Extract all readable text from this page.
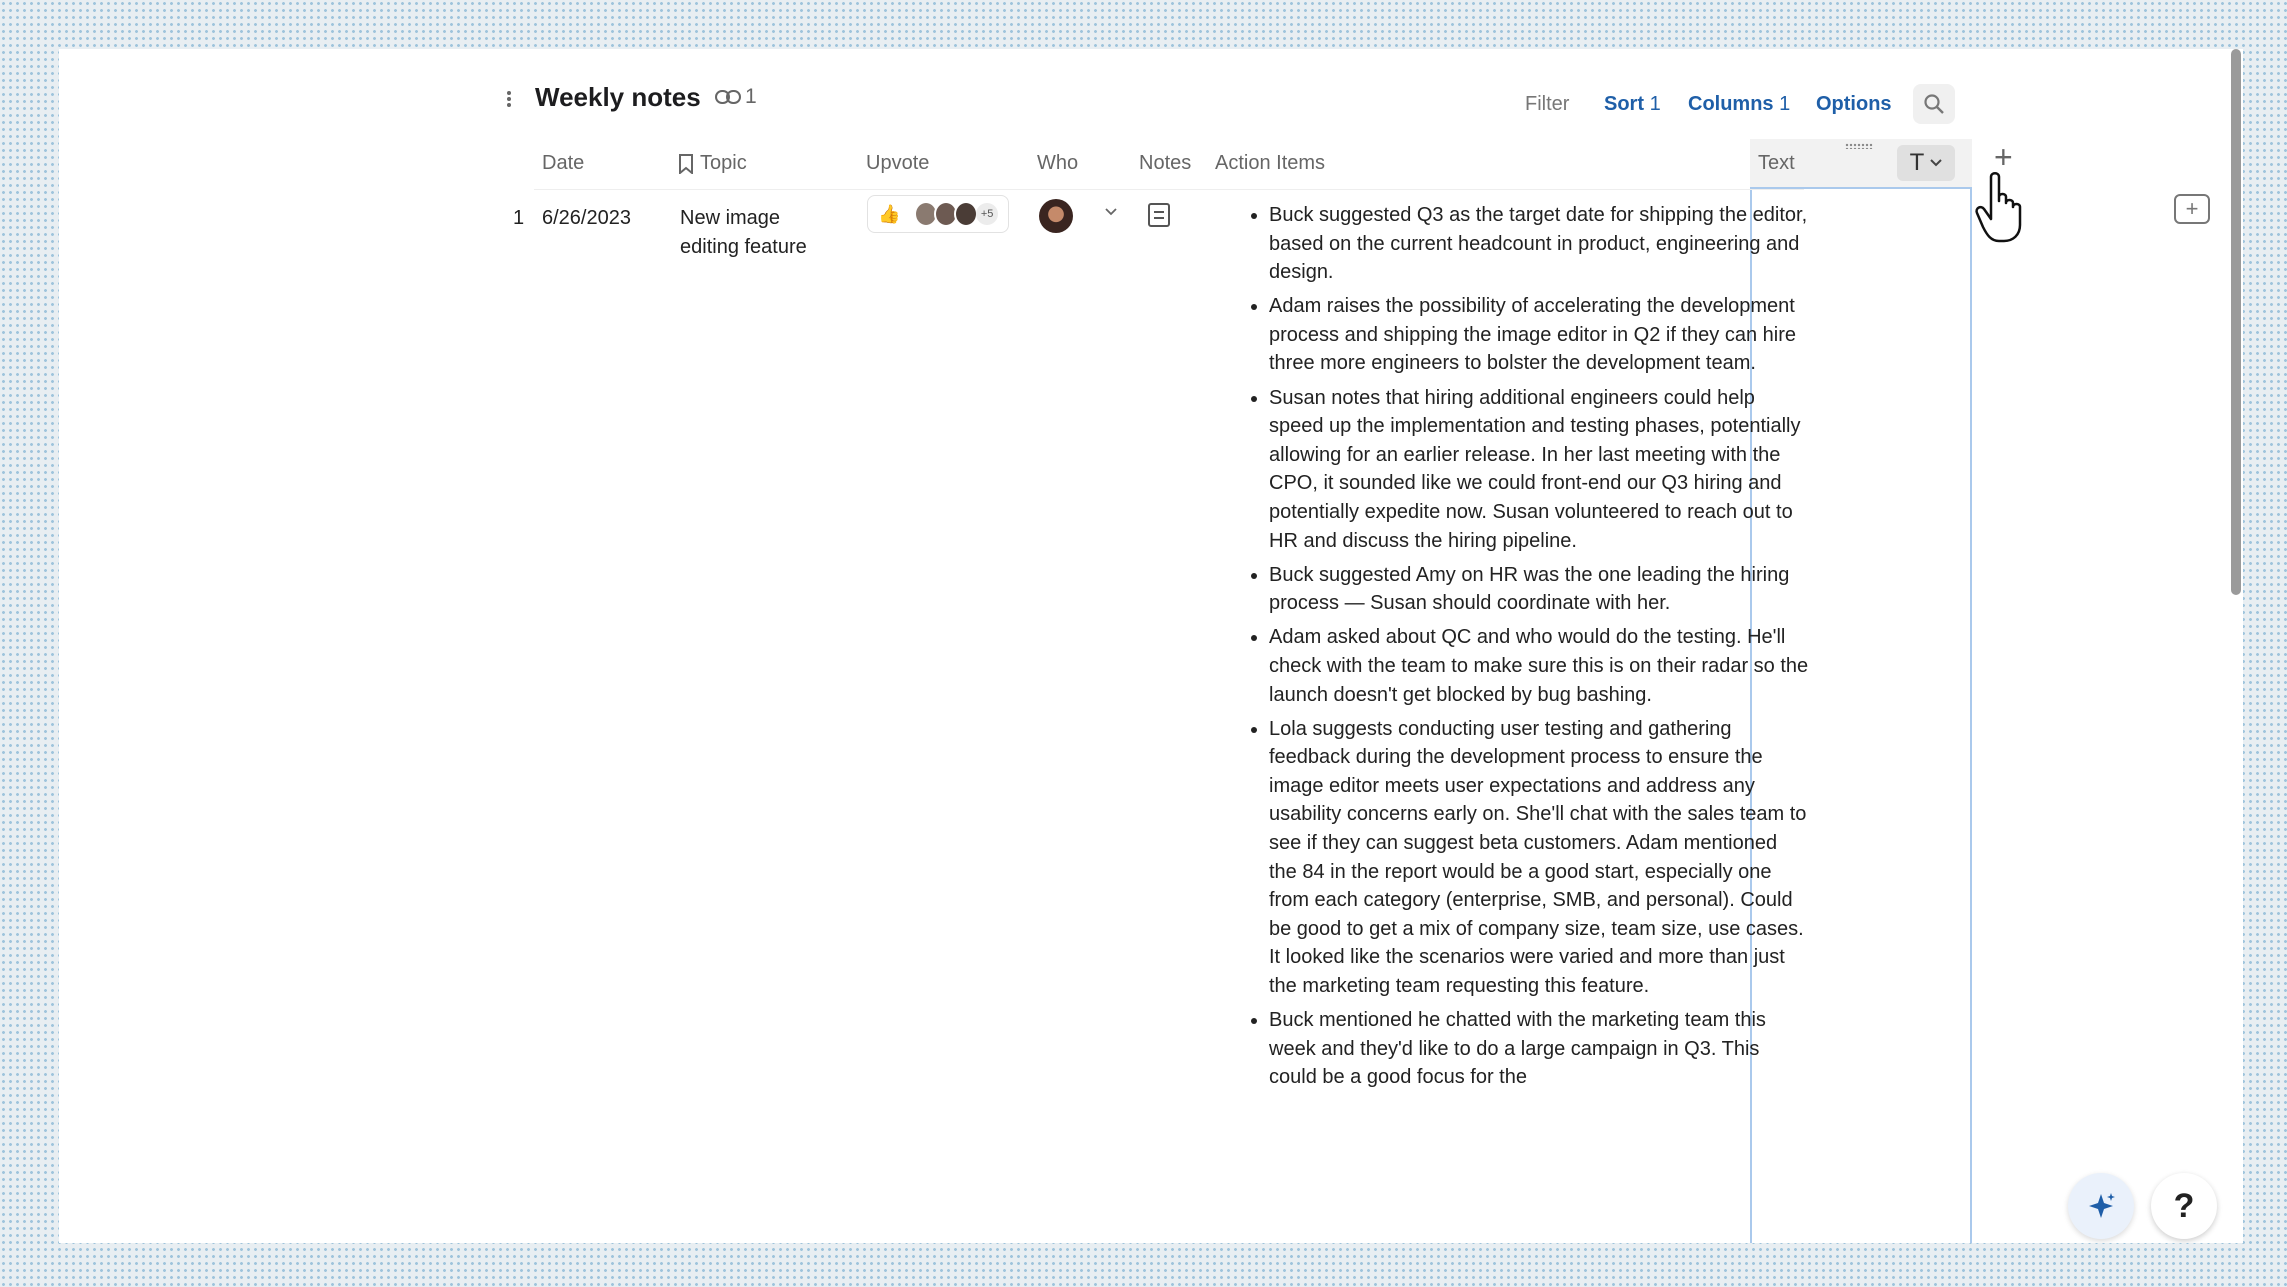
Weekly notes 1	Filter Sort 1 Columns 1 Options
Date	Topic	Upvote	Who	Notes Action Items	Text	T +
1 6/26/2023 New image editing feature
👍	+5
•	Buck suggested Q3 as the target date for shipping the editor, based on the current headcount in product, engineering and design.
• Adam raises the possibility of accelerating the development process and shipping the image editor in Q2 if they can hire three more engineers to bolster the development team.
• Susan notes that hiring additional engineers could help speed up the implementation and testing phases, potentially allowing for an earlier release. In her last meeting with the CPO, it sounded like we could front-end our Q3 hiring and potentially expedite now. Susan volunteered to reach out to HR and discuss the hiring pipeline.
• Buck suggested Amy on HR was the one leading the hiring process — Susan should coordinate with her.
• Adam asked about QC and who would do the testing. He'll check with the team to make sure this is on their radar so the launch doesn't get blocked by bug bashing.
• Lola suggests conducting user testing and gathering feedback during the development process to ensure the image editor meets user expectations and address any usability concerns early on. She'll chat with the sales team to see if they can suggest beta customers. Adam mentioned the 84 in the report would be a good start, especially one from each category (enterprise, SMB, and personal). Could be good to get a mix of company size, team size, use cases. It looked like the scenarios were varied and more than just the marketing team requesting this feature.
• Buck mentioned he chatted with the marketing team this week and they'd like to do a large campaign in Q3. This could be a good focus for the
+
?
